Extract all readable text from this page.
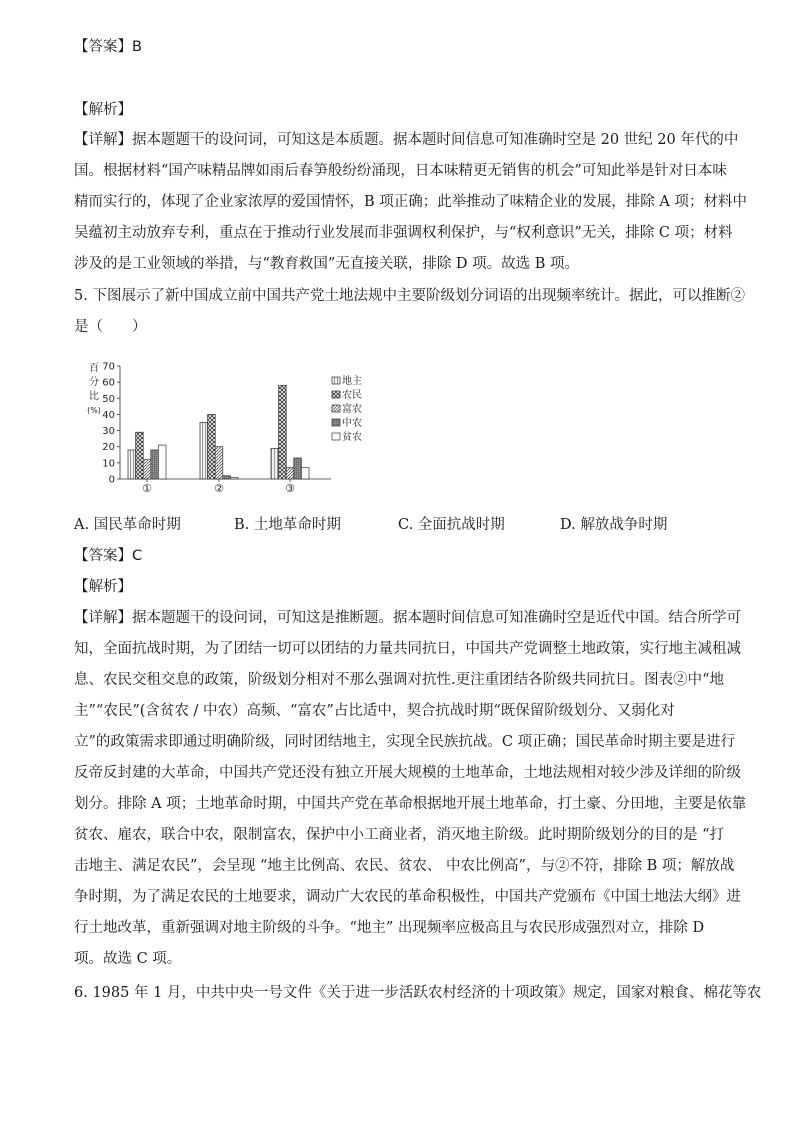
【答案】B
【解析】
【详解】据本题题干的设问词，可知这是本质题。据本题时间信息可知准确时空是 20 世纪 20 年代的中
国。根据材料“国产味精品牌如雨后春笋般纷纷涌现，日本味精更无销售的机会”可知此举是针对日本味
精而实行的，体现了企业家浓厚的爱国情怀，B 项正确；此举推动了味精企业的发展，排除 A 项；材料中
吴蕴初主动放弃专利，重点在于推动行业发展而非强调权利保护，与“权利意识”无关，排除 C 项；材料
涉及的是工业领域的举措，与“教育救国”无直接关联，排除 D 项。故选 B 项。
5. 下图展示了新中国成立前中国共产党土地法规中主要阶级划分词语的出现频率统计。据此，可以推断②
是（　　）
百
分
比
(%)
0
10
20
30
40
50
60
70
①	②	③
地主
农民
富农
中农
贫农
A. 国民革命时期	B. 土地革命时期	C. 全面抗战时期	D. 解放战争时期
【答案】C
【解析】
【详解】据本题题干的设问词，可知这是推断题。据本题时间信息可知准确时空是近代中国。结合所学可
知，全面抗战时期，为了团结一切可以团结的力量共同抗日，中国共产党调整土地政策，实行地主减租减
息、农民交租交息的政策，阶级划分相对不那么强调对抗性.更注重团结各阶级共同抗日。图表②中“地
主”“农民”(含贫农 / 中农）高频、“富农”占比适中，契合抗战时期“既保留阶级划分、又弱化对
立”的政策需求即通过明确阶级，同时团结地主，实现全民族抗战。C 项正确；国民革命时期主要是进行
反帝反封建的大革命，中国共产党还没有独立开展大规模的土地革命，土地法规相对较少涉及详细的阶级
划分。排除 A 项；土地革命时期，中国共产党在革命根据地开展土地革命，打土豪、分田地，主要是依靠
贫农、雇农，联合中农，限制富农，保护中小工商业者，消灭地主阶级。此时期阶级划分的目的是 “打
击地主、满足农民”，会呈现 “地主比例高、农民、贫农、 中农比例高”，与②不符，排除 B 项；解放战
争时期，为了满足农民的土地要求，调动广大农民的革命积极性，中国共产党颁布《中国土地法大纲》进
行土地改革，重新强调对地主阶级的斗争。“地主” 出现频率应极高且与农民形成强烈对立，排除 D
项。故选 C 项。
6. 1985 年 1 月，中共中央一号文件《关于进一步活跃农村经济的十项政策》规定，国家对粮食、棉花等农
